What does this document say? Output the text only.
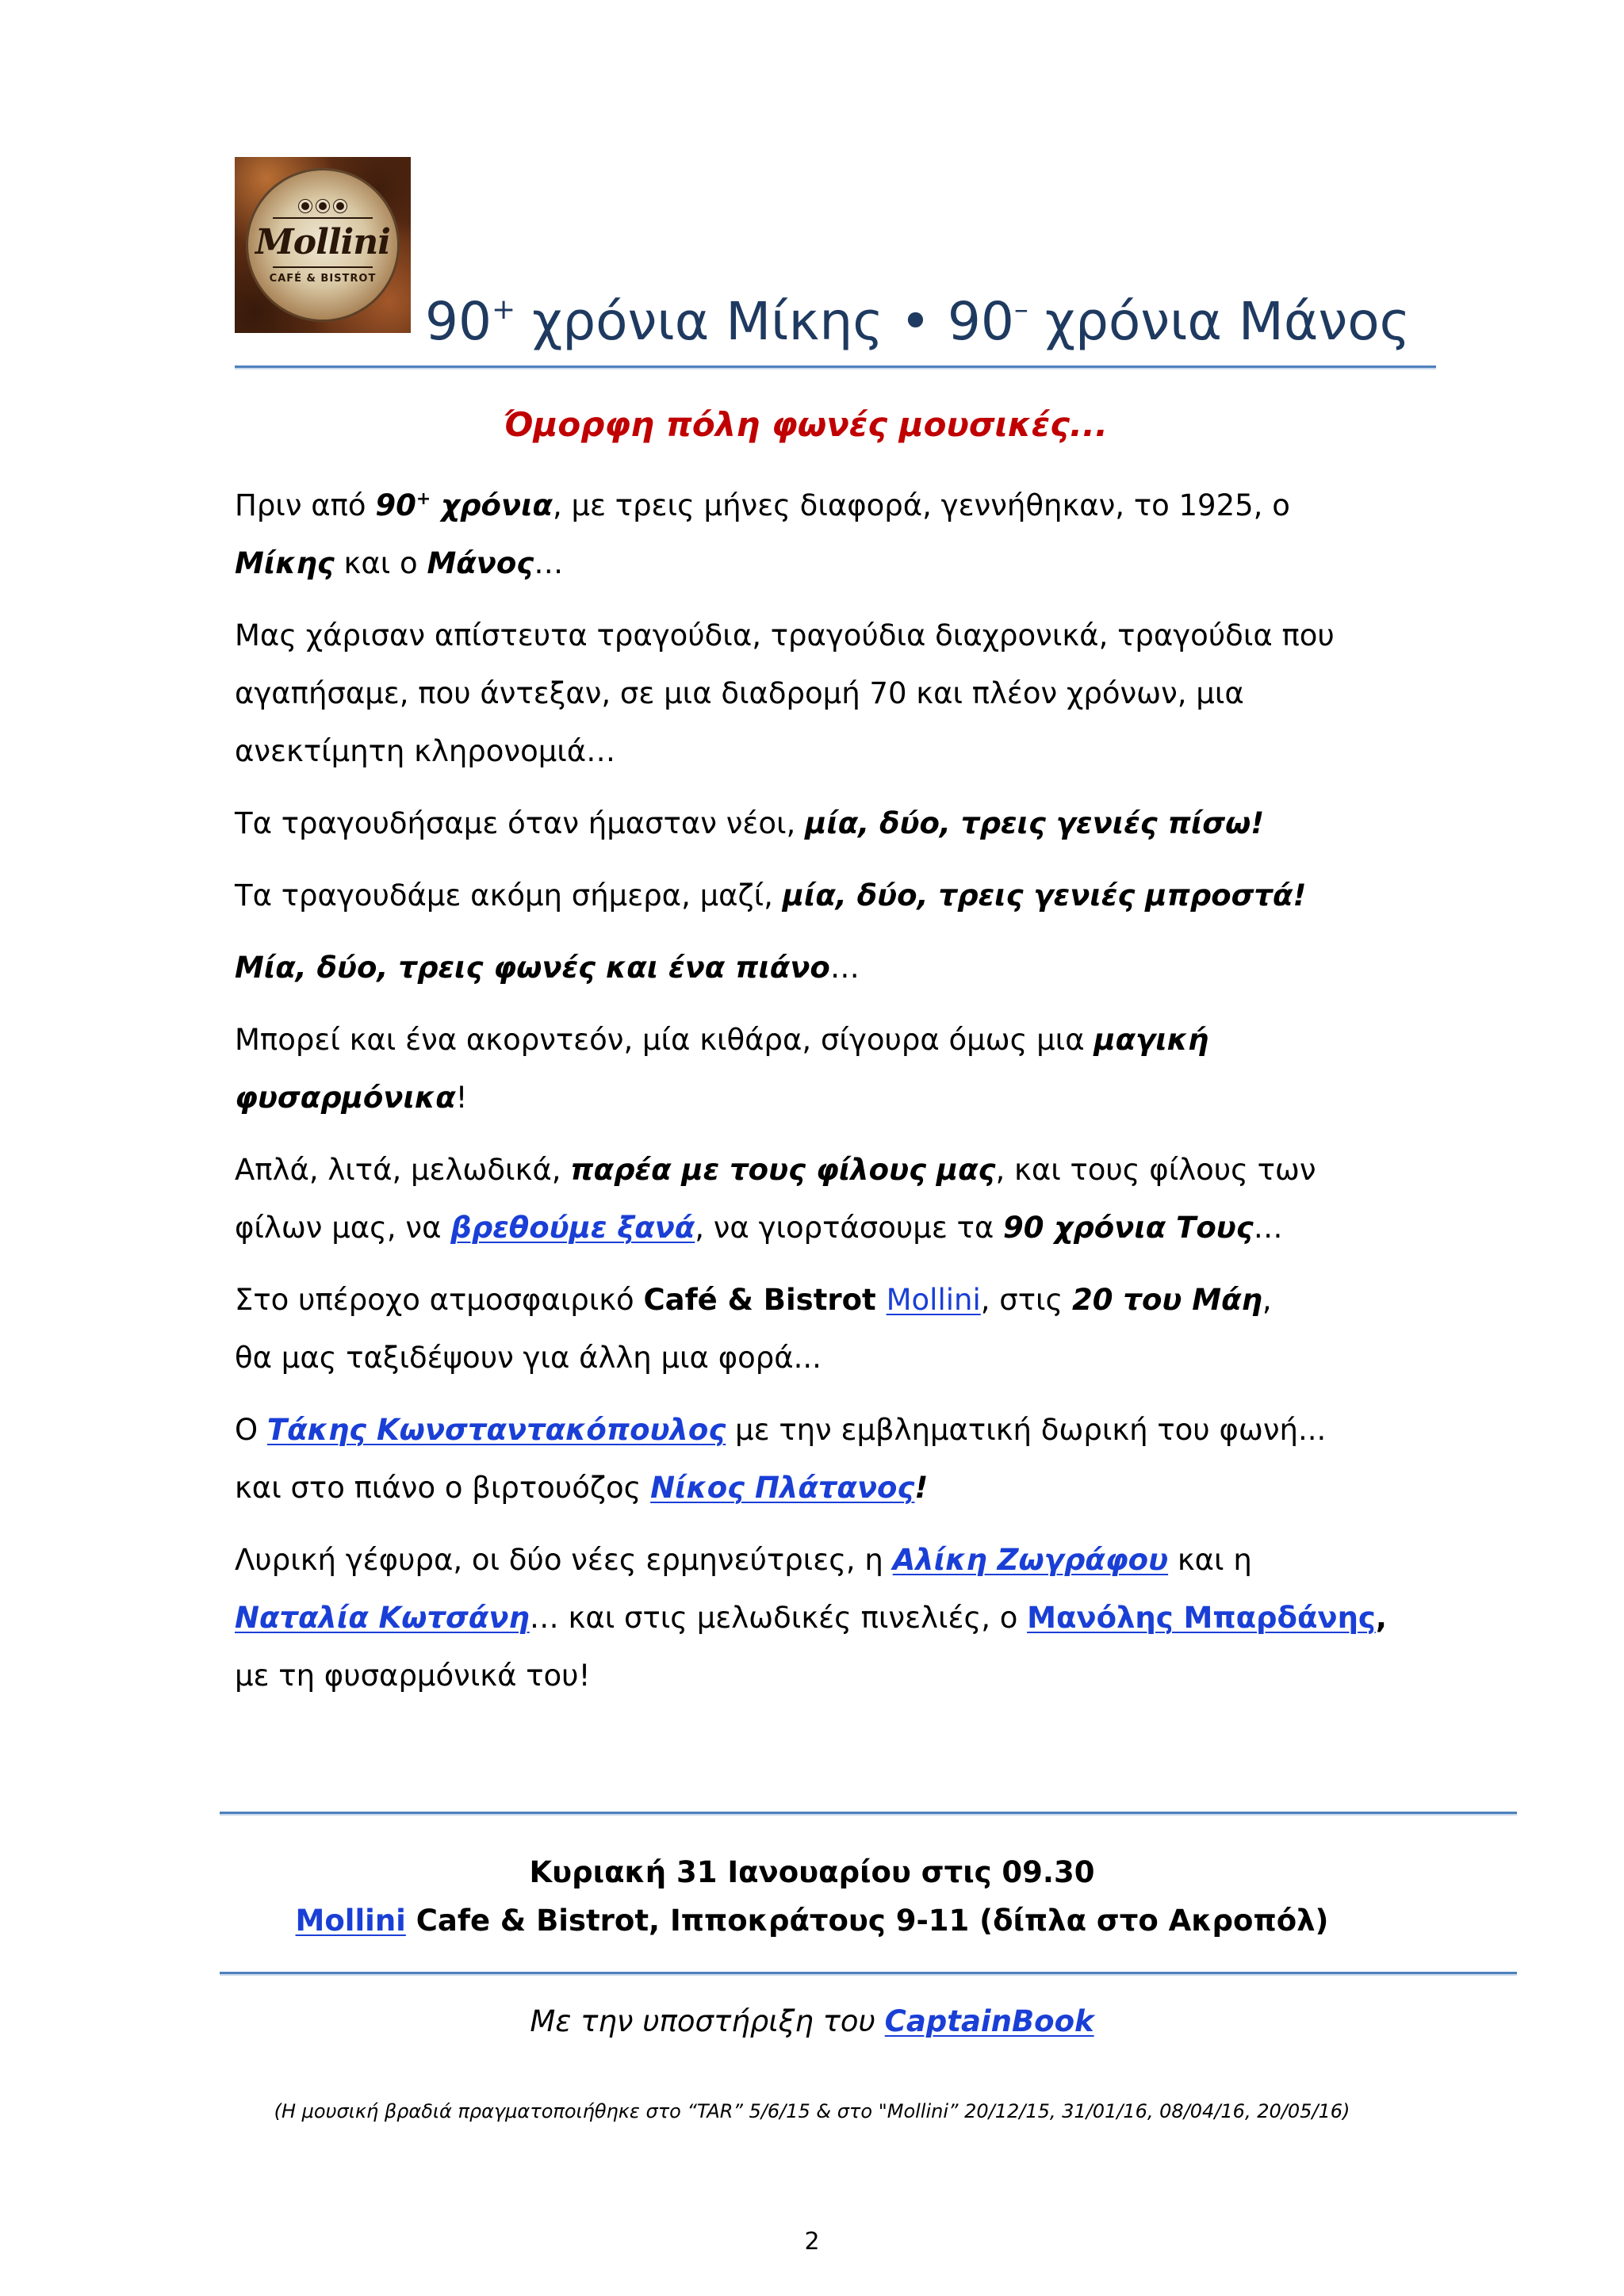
Mollini
CAFÉ & BISTROT
90+ χρόνια Μίκης • 90– χρόνια Μάνος
Όμορφη πόλη φωνές μουσικές...
Πριν από 90+ χρόνια, με τρεις μήνες διαφορά, γεννήθηκαν, το 1925, ο
Μίκης και ο Μάνος…
Μας χάρισαν απίστευτα τραγούδια, τραγούδια διαχρονικά, τραγούδια που
αγαπήσαμε, που άντεξαν, σε μια διαδρομή 70 και πλέον χρόνων, μια
ανεκτίμητη κληρονομιά…
Τα τραγουδήσαμε όταν ήμασταν νέοι, μία, δύο, τρεις γενιές πίσω!
Τα τραγουδάμε ακόμη σήμερα, μαζί, μία, δύο, τρεις γενιές μπροστά!
Μία, δύο, τρεις φωνές και ένα πιάνο…
Μπορεί και ένα ακορντεόν, μία κιθάρα, σίγουρα όμως μια μαγική
φυσαρμόνικα!
Απλά, λιτά, μελωδικά, παρέα με τους φίλους μας, και τους φίλους των
φίλων μας, να βρεθούμε ξανά, να γιορτάσουμε τα 90 χρόνια Τους…
Στο υπέροχο ατμοσφαιρικό Café & Bistrot Mollini, στις 20 του Μάη,
θα μας ταξιδέψουν για άλλη μια φορά...
Ο Τάκης Κωνσταντακόπουλος με την εμβληματική δωρική του φωνή...
και στο πιάνο ο βιρτουόζος Νίκος Πλάτανος!
Λυρική γέφυρα, οι δύο νέες ερμηνεύτριες, η Αλίκη Ζωγράφου και η
Ναταλία Κωτσάνη… και στις μελωδικές πινελιές, ο Μανόλης Μπαρδάνης,
με τη φυσαρμόνικά του!
Κυριακή 31 Ιανουαρίου στις 09.30
Mollini Cafe & Bistrot, Ιπποκράτους 9-11 (δίπλα στο Ακροπόλ)
Με την υποστήριξη του CaptainBook
(Η μουσική βραδιά πραγματοποιήθηκε στο “TAR” 5/6/15 & στο "Mollini” 20/12/15, 31/01/16, 08/04/16, 20/05/16)
2
